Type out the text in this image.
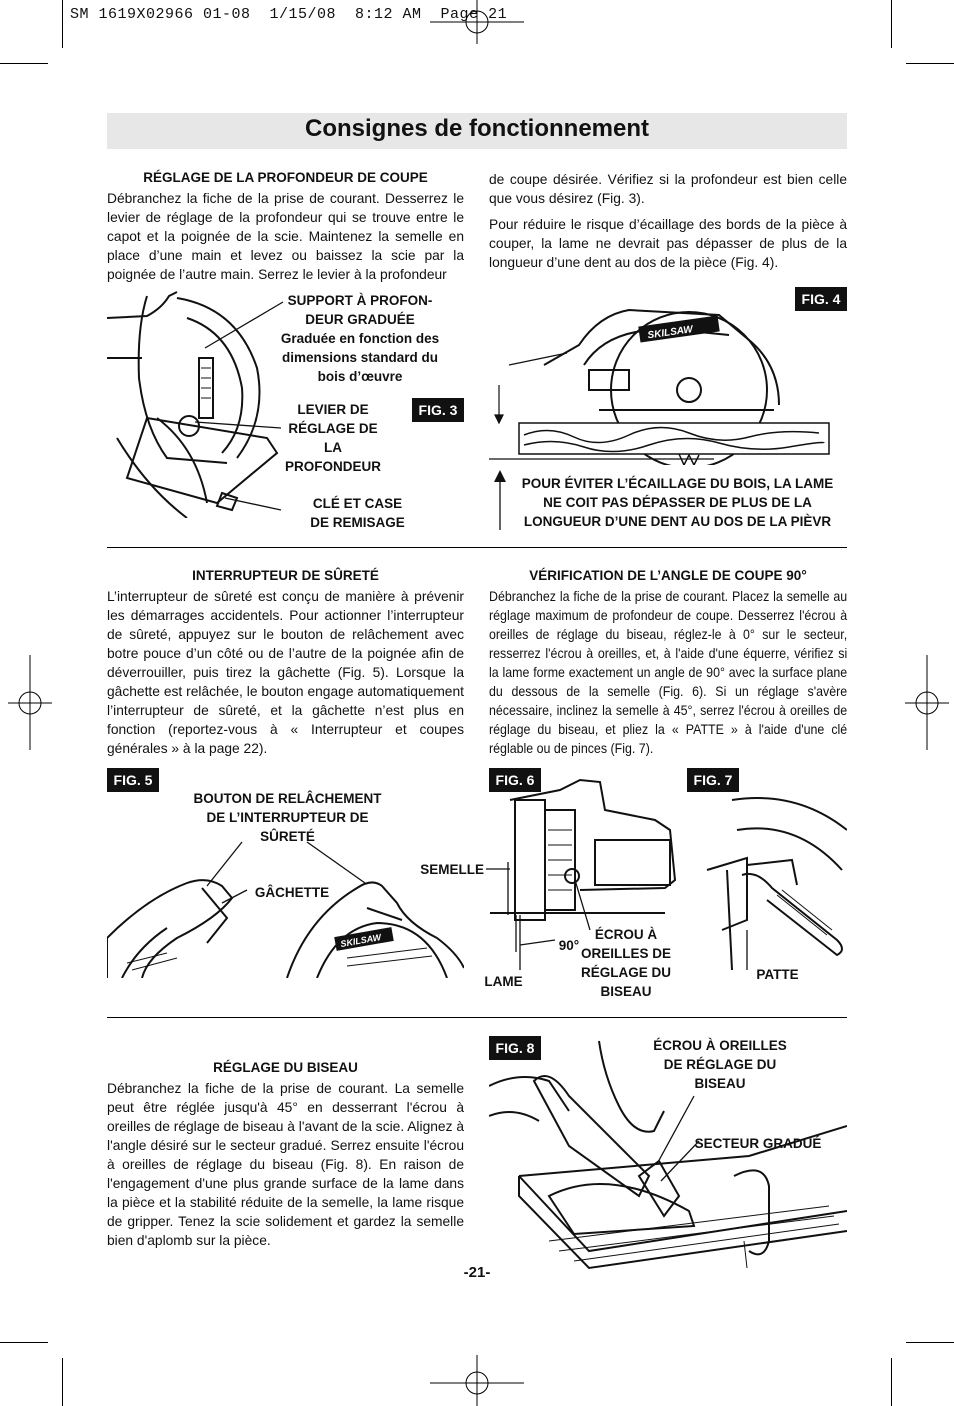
SM 1619X02966 01-08  1/15/08  8:12 AM  Page 21
Consignes de fonctionnement
RÉGLAGE DE LA PROFONDEUR DE COUPE
Débranchez la fiche de la prise de courant. Desserrez le levier de réglage de la profondeur qui se trouve entre le capot et la poignée de la scie. Maintenez la semelle en place d’une main et levez ou baissez la scie par la poignée de l’autre main. Serrez le levier à la profondeur
de coupe désirée. Vérifiez si la profondeur est bien celle que vous désirez (Fig. 3).
Pour réduire le risque d’écaillage des bords de la pièce à couper, la lame ne devrait pas dépasser de plus de la longueur d’une dent au dos de la pièce (Fig. 4).
SUPPORT À PROFON-
DEUR GRADUÉE
Graduée en fonction des
dimensions standard du
bois d’œuvre
LEVIER DE
RÉGLAGE DE LA
PROFONDEUR
FIG. 3
CLÉ ET CASE
DE REMISAGE
FIG. 4
SKILSAW
POUR ÉVITER L’ÉCAILLAGE DU BOIS, LA LAME
NE COIT PAS DÉPASSER DE PLUS DE LA
LONGUEUR D’UNE DENT AU DOS DE LA PIÈVR
INTERRUPTEUR DE SÛRETÉ
L’interrupteur de sûreté est conçu de manière à prévenir les démarrages accidentels. Pour actionner l’interrupteur de sûreté, appuyez sur le bouton de relâchement avec botre pouce d’un côté ou de l’autre de la poignée afin de déverrouiller, puis tirez la gâchette (Fig. 5). Lorsque la gâchette est relâchée, le bouton engage automatiquement l’interrupteur de sûreté, et la gâchette n’est plus en fonction (reportez-vous à « Interrupteur et coupes générales » à la page 22).
VÉRIFICATION DE L’ANGLE DE COUPE 90°
Débranchez la fiche de la prise de courant. Placez la semelle au réglage maximum de profondeur de coupe. Desserrez l'écrou à oreilles de réglage du biseau, réglez-le à 0° sur le secteur, resserrez l'écrou à oreilles, et, à l'aide d'une équerre, vérifiez si la lame forme exactement un angle de 90° avec la surface plane du dessous de la semelle (Fig. 6). Si un réglage s'avère nécessaire, inclinez la semelle à 45°, serrez l'écrou à oreilles de réglage du biseau, et pliez la « PATTE » à l'aide d'une clé réglable ou de pinces (Fig. 7).
FIG. 5
BOUTON DE RELÂCHEMENT
DE L’INTERRUPTEUR DE
SÛRETÉ
GÂCHETTE
SKILSAW
FIG. 6
SEMELLE
90°
ÉCROU À
OREILLES DE
RÉGLAGE DU
BISEAU
LAME
FIG. 7
PATTE
RÉGLAGE DU BISEAU
Débranchez la fiche de la prise de courant. La semelle peut être réglée jusqu'à 45° en desserrant l'écrou à oreilles de réglage de biseau à l'avant de la scie. Alignez à l'angle désiré sur le secteur gradué. Serrez ensuite l'écrou à oreilles de réglage du biseau (Fig. 8). En raison de l'engagement d'une plus grande surface de la lame dans la pièce et la stabilité réduite de la semelle, la lame risque de gripper. Tenez la scie solidement et gardez la semelle bien d'aplomb sur la pièce.
FIG. 8	ÉCROU À OREILLES
DE RÉGLAGE DU
BISEAU
SECTEUR GRADUÉ
-21-
